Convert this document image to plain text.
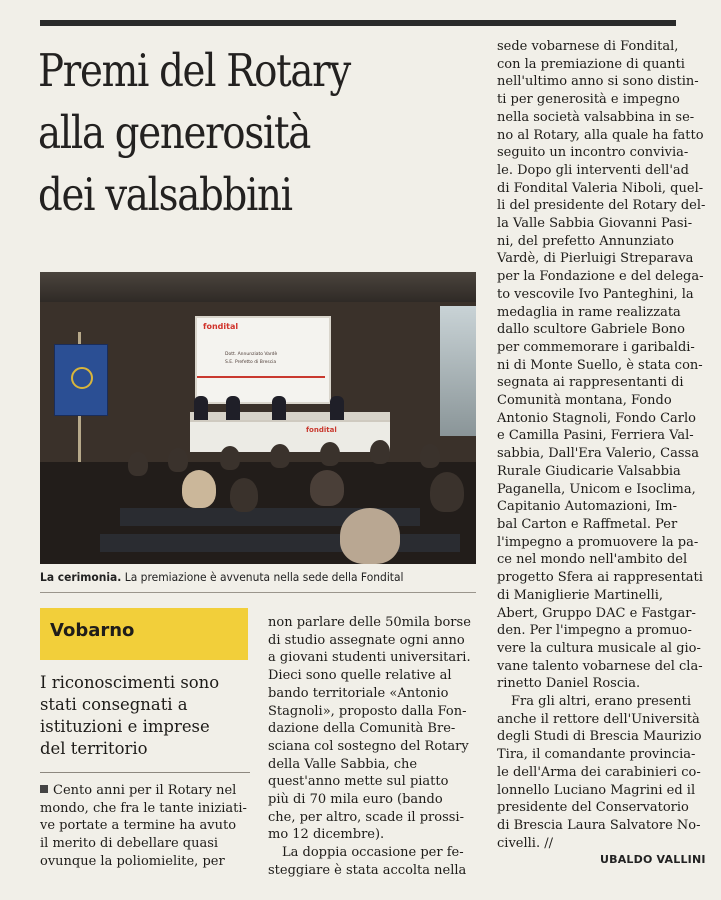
Premi del Rotary
alla generosità
dei valsabbini
fondital
Dott. Annunziato Vardè
S.E. Prefetto di Brescia
fondital
La cerimonia. La premiazione è avvenuta nella sede della Fondital
Vobarno
I riconoscimenti sono
stati consegnati a
istituzioni e imprese
del territorio
Cento anni per il Rotary nel
mondo, che fra le tante iniziati-
ve portate a termine ha avuto
il merito di debellare quasi
ovunque la poliomielite, per
non parlare delle 50mila borse
di studio assegnate ogni anno
a giovani studenti universitari.
Dieci sono quelle relative al
bando territoriale «Antonio
Stagnoli», proposto dalla Fon-
dazione della Comunità Bre-
sciana col sostegno del Rotary
della Valle Sabbia, che
quest'anno mette sul piatto
più di 70 mila euro (bando
che, per altro, scade il prossi-
mo 12 dicembre).
La doppia occasione per fe-
steggiare è stata accolta nella
sede vobarnese di Fondital,
con la premiazione di quanti
nell'ultimo anno si sono distin-
ti per generosità e impegno
nella società valsabbina in se-
no al Rotary, alla quale ha fatto
seguito un incontro convivia-
le. Dopo gli interventi dell'ad
di Fondital Valeria Niboli, quel-
li del presidente del Rotary del-
la Valle Sabbia Giovanni Pasi-
ni, del prefetto Annunziato
Vardè, di Pierluigi Streparava
per la Fondazione e del delega-
to vescovile Ivo Panteghini, la
medaglia in rame realizzata
dallo scultore Gabriele Bono
per commemorare i garibaldi-
ni di Monte Suello, è stata con-
segnata ai rappresentanti di
Comunità montana, Fondo
Antonio Stagnoli, Fondo Carlo
e Camilla Pasini, Ferriera Val-
sabbia, Dall'Era Valerio, Cassa
Rurale Giudicarie Valsabbia
Paganella, Unicom e Isoclima,
Capitanio Automazioni, Im-
bal Carton e Raffmetal. Per
l'impegno a promuovere la pa-
ce nel mondo nell'ambito del
progetto Sfera ai rappresentati
di Maniglierie Martinelli,
Abert, Gruppo DAC e Fastgar-
den. Per l'impegno a promuo-
vere la cultura musicale al gio-
vane talento vobarnese del cla-
rinetto Daniel Roscia.
Fra gli altri, erano presenti
anche il rettore dell'Università
degli Studi di Brescia Maurizio
Tira, il comandante provincia-
le dell'Arma dei carabinieri co-
lonnello Luciano Magrini ed il
presidente del Conservatorio
di Brescia Laura Salvatore No-
civelli. //
UBALDO VALLINI
